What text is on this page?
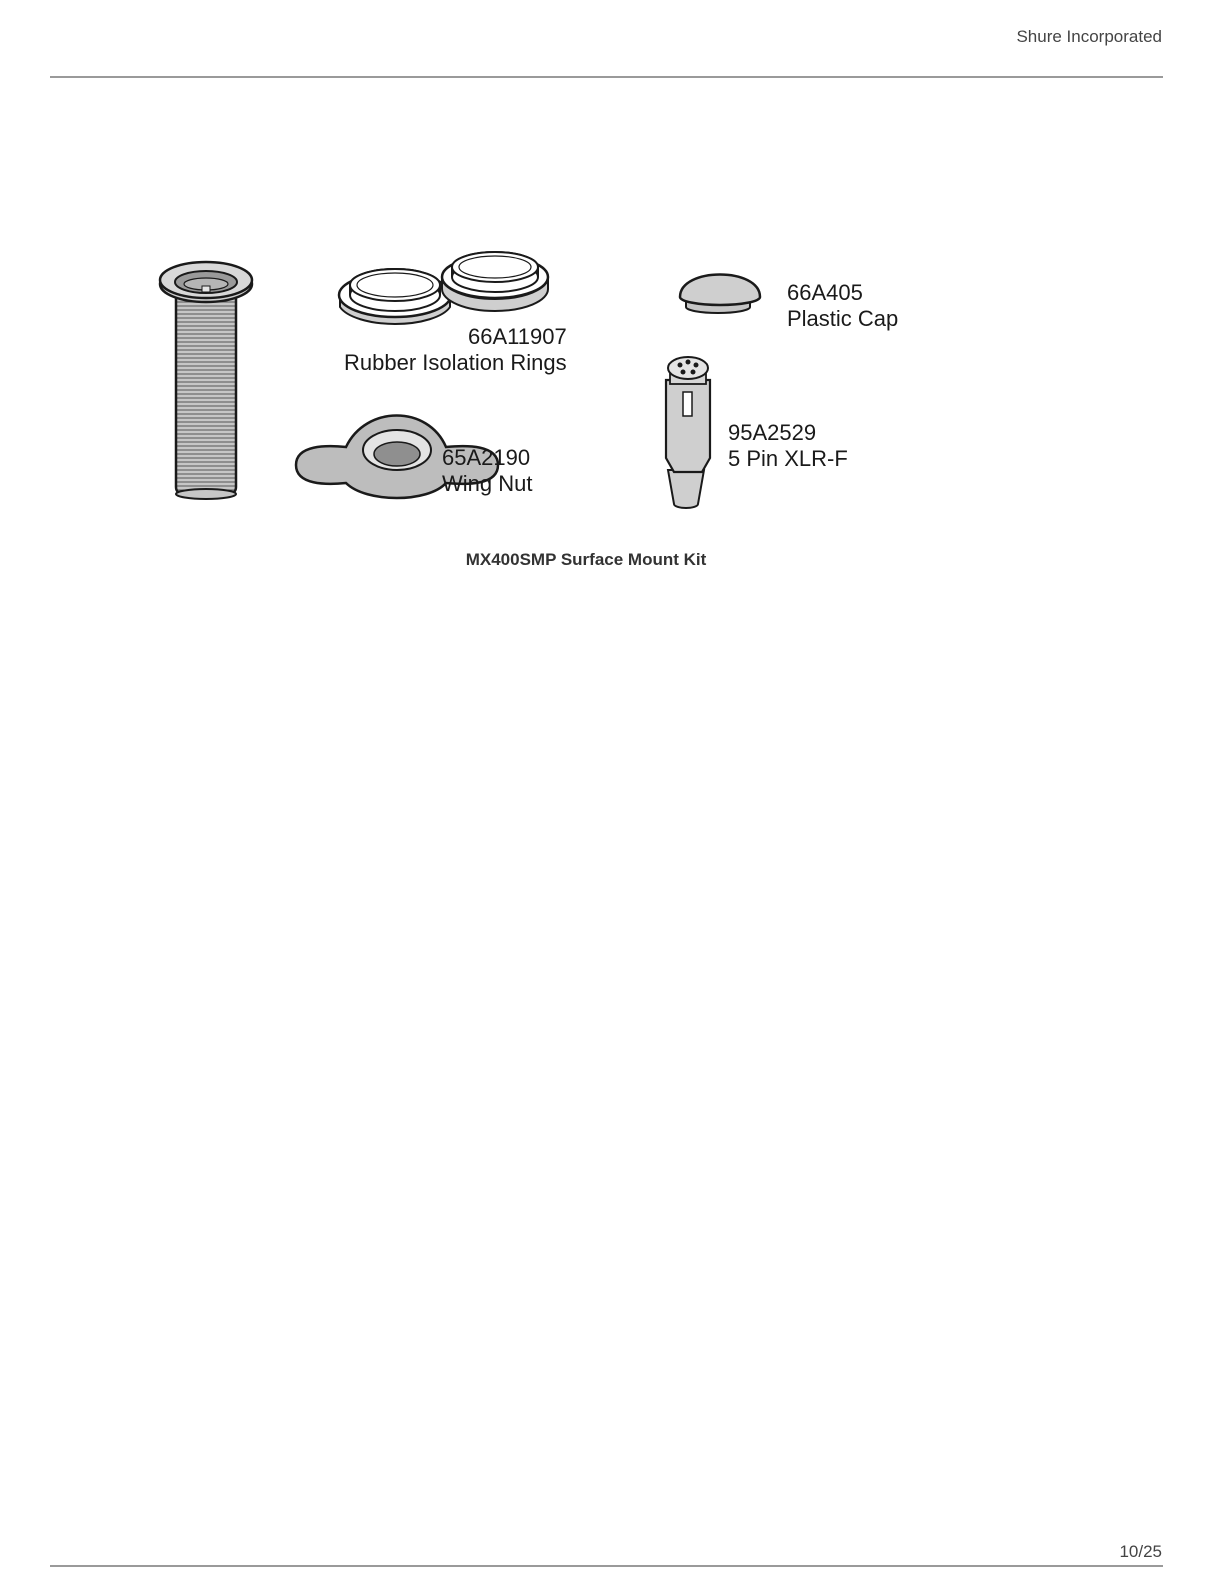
Shure Incorporated
66A11907
Rubber Isolation Rings
65A2190
Wing Nut
66A405
Plastic Cap
95A2529
5 Pin XLR-F
MX400SMP Surface Mount Kit
10/25
